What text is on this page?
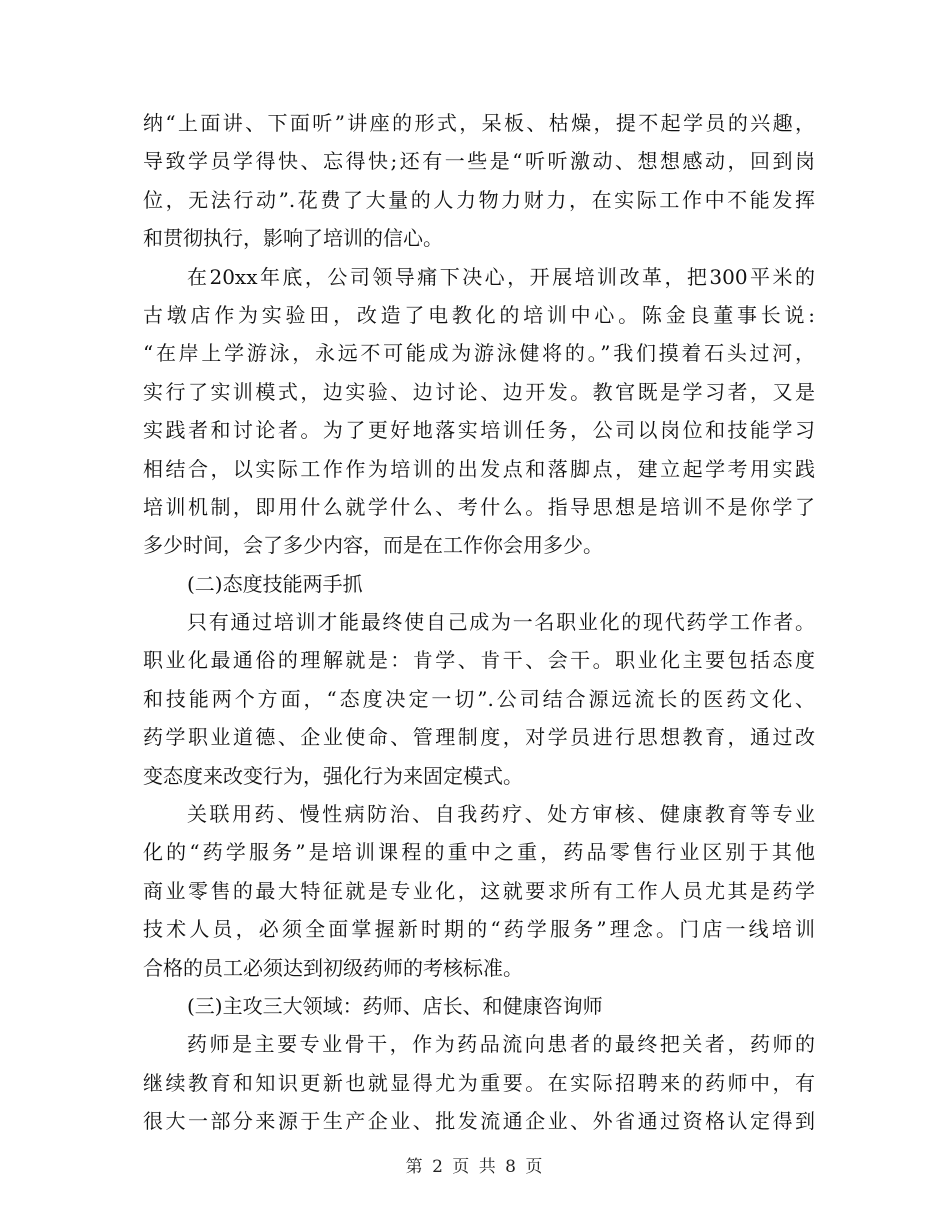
纳“上面讲、下面听”讲座的形式，呆板、枯燥，提不起学员的兴趣，
导致学员学得快、忘得快;还有一些是“听听激动、想想感动，回到岗
位，无法行动”.花费了大量的人力物力财力，在实际工作中不能发挥
和贯彻执行，影响了培训的信心。
在20xx年底，公司领导痛下决心，开展培训改革，把300平米的
古墩店作为实验田，改造了电教化的培训中心。陈金良董事长说:
“在岸上学游泳，永远不可能成为游泳健将的。”我们摸着石头过河，
实行了实训模式，边实验、边讨论、边开发。教官既是学习者，又是
实践者和讨论者。为了更好地落实培训任务，公司以岗位和技能学习
相结合，以实际工作作为培训的出发点和落脚点，建立起学考用实践
培训机制，即用什么就学什么、考什么。指导思想是培训不是你学了
多少时间，会了多少内容，而是在工作你会用多少。
(二)态度技能两手抓
只有通过培训才能最终使自己成为一名职业化的现代药学工作者。
职业化最通俗的理解就是：肯学、肯干、会干。职业化主要包括态度
和技能两个方面，“态度决定一切”.公司结合源远流长的医药文化、
药学职业道德、企业使命、管理制度，对学员进行思想教育，通过改
变态度来改变行为，强化行为来固定模式。
关联用药、慢性病防治、自我药疗、处方审核、健康教育等专业
化的“药学服务”是培训课程的重中之重，药品零售行业区别于其他
商业零售的最大特征就是专业化，这就要求所有工作人员尤其是药学
技术人员，必须全面掌握新时期的“药学服务”理念。门店一线培训
合格的员工必须达到初级药师的考核标准。
(三)主攻三大领域：药师、店长、和健康咨询师
药师是主要专业骨干，作为药品流向患者的最终把关者，药师的
继续教育和知识更新也就显得尤为重要。在实际招聘来的药师中，有
很大一部分来源于生产企业、批发流通企业、外省通过资格认定得到
第 2 页 共 8 页
